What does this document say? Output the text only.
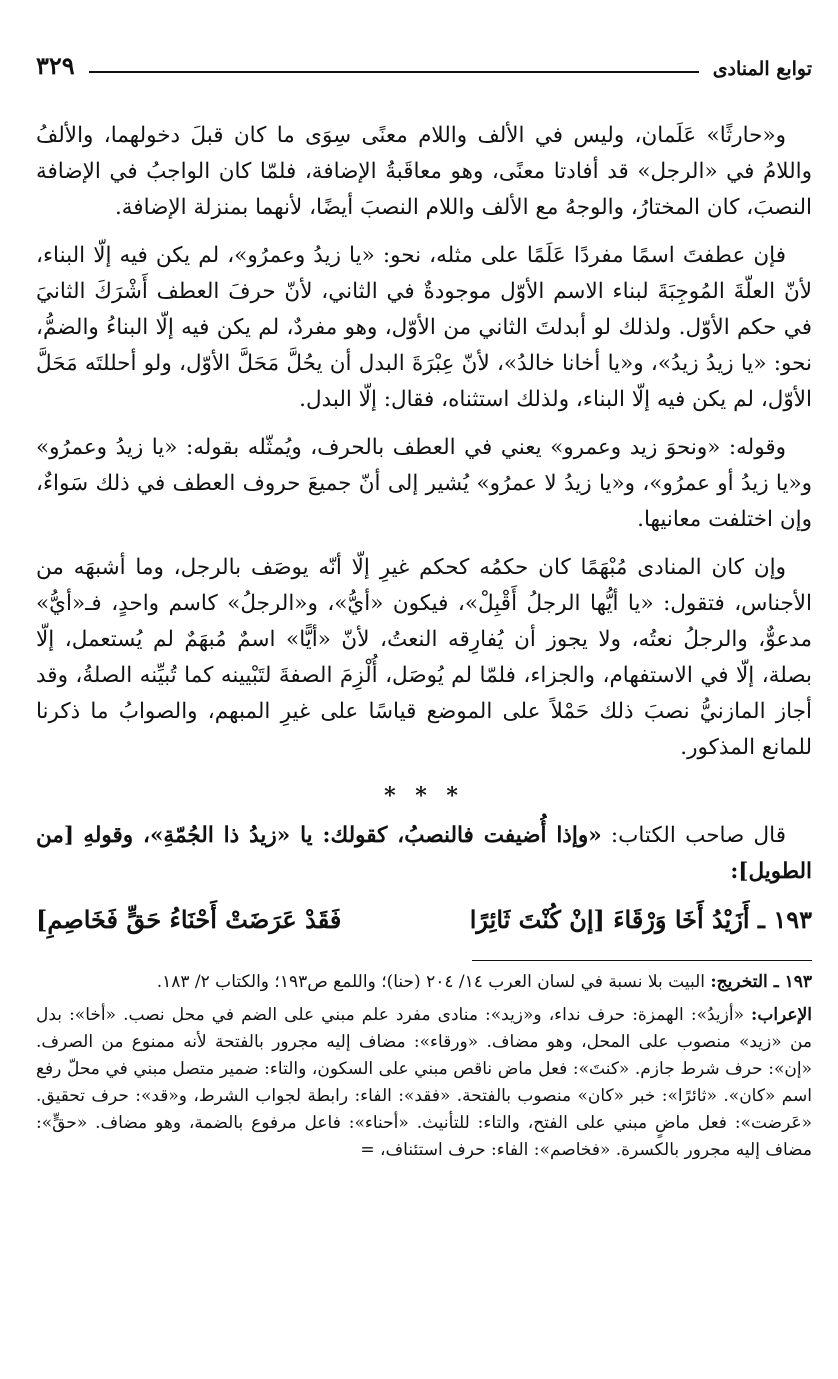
توابع المنادى
٣٢٩

و«حارثًا» عَلَمان، وليس في الألف واللام معنًى سِوَى ما كان قبلَ دخولهما، والألفُ واللامُ في «الرجل» قد أفادتا معنًى، وهو معاقَبةُ الإضافة، فلمّا كان الواجبُ في الإضافة النصبَ، كان المختارُ، والوجهُ مع الألف واللام النصبَ أيضًا، لأنهما بمنزلة الإضافة.

فإن عطفتَ اسمًا مفردًا عَلَمًا على مثله، نحو: «يا زيدُ وعمرُو»، لم يكن فيه إلّا البناء، لأنّ العلّةَ المُوجِبَةَ لبناء الاسم الأوّل موجودةٌ في الثاني، لأنّ حرفَ العطف أَشْرَكَ الثانيَ في حكم الأوّل. ولذلك لو أبدلتَ الثاني من الأوّل، وهو مفردٌ، لم يكن فيه إلّا البناءُ والضمُّ، نحو: «يا زيدُ زيدُ»، و«يا أخانا خالدُ»، لأنّ عِبْرَةَ البدل أن يحُلَّ مَحَلَّ الأوّل، ولو أحللتَه مَحَلَّ الأوّل، لم يكن فيه إلّا البناء، ولذلك استثناه، فقال: إلّا البدل.

وقوله: «ونحوَ زيد وعمرو» يعني في العطف بالحرف، ويُمثّله بقوله: «يا زيدُ وعمرُو» و«يا زيدُ أو عمرُو»، و«يا زيدُ لا عمرُو» يُشير إلى أنّ جميعَ حروف العطف في ذلك سَواءٌ، وإن اختلفت معانيها.

وإن كان المنادى مُبْهَمًا كان حكمُه كحكم غيرِ إلّا أنّه يوصَف بالرجل، وما أشبهَه من الأجناس، فتقول: «يا أيُّها الرجلُ أَقْبِلْ»، فيكون «أيُّ»، و«الرجلُ» كاسم واحدٍ، فـ«أيُّ» مدعوٌّ، والرجلُ نعتُه، ولا يجوز أن يُفارِقه النعتُ، لأنّ «أيًّا» اسمٌ مُبهَمٌ لم يُستعمل، إلّا بصلة، إلّا في الاستفهام، والجزاء، فلمّا لم يُوصَل، أُلْزِمَ الصفةَ لتَبْيينه كما تُبيِّنه الصلةُ، وقد أجاز المازنيُّ نصبَ ذلك حَمْلاً على الموضع قياسًا على غيرِ المبهم، والصوابُ ما ذكرنا للمانع المذكور.

* * *

قال صاحب الكتاب: «وإذا أُضيفت فالنصبُ، كقولك: يا «زيدُ ذا الجُمّةِ»، وقولهِ [من الطويل]:

١٩٣ ـ أَزَيْدُ أَخَا وَرْقَاءَ [إنْ كُنْتَ ثَائِرًا
فَقَدْ عَرَضَتْ أَحْنَاءُ حَقٍّ فَخَاصِمِ]

١٩٣ ـ التخريج: البيت بلا نسبة في لسان العرب ١٤/ ٢٠٤ (حنا)؛ واللمع ص١٩٣؛ والكتاب ٢/ ١٨٣.

الإعراب: «أزيدُ»: الهمزة: حرف نداء، و«زيد»: منادى مفرد علم مبني على الضم في محل نصب. «أخا»: بدل من «زيد» منصوب على المحل، وهو مضاف. «ورقاء»: مضاف إليه مجرور بالفتحة لأنه ممنوع من الصرف. «إن»: حرف شرط جازم. «كنتَ»: فعل ماض ناقص مبني على السكون، والتاء: ضمير متصل مبني في محلّ رفع اسم «كان». «ثائرًا»: خبر «كان» منصوب بالفتحة. «فقد»: الفاء: رابطة لجواب الشرط، و«قد»: حرف تحقيق. «عَرضت»: فعل ماضٍ مبني على الفتح، والتاء: للتأنيث. «أحناء»: فاعل مرفوع بالضمة، وهو مضاف. «حقٍّ»: مضاف إليه مجرور بالكسرة. «فخاصم»: الفاء: حرف استئناف، =
